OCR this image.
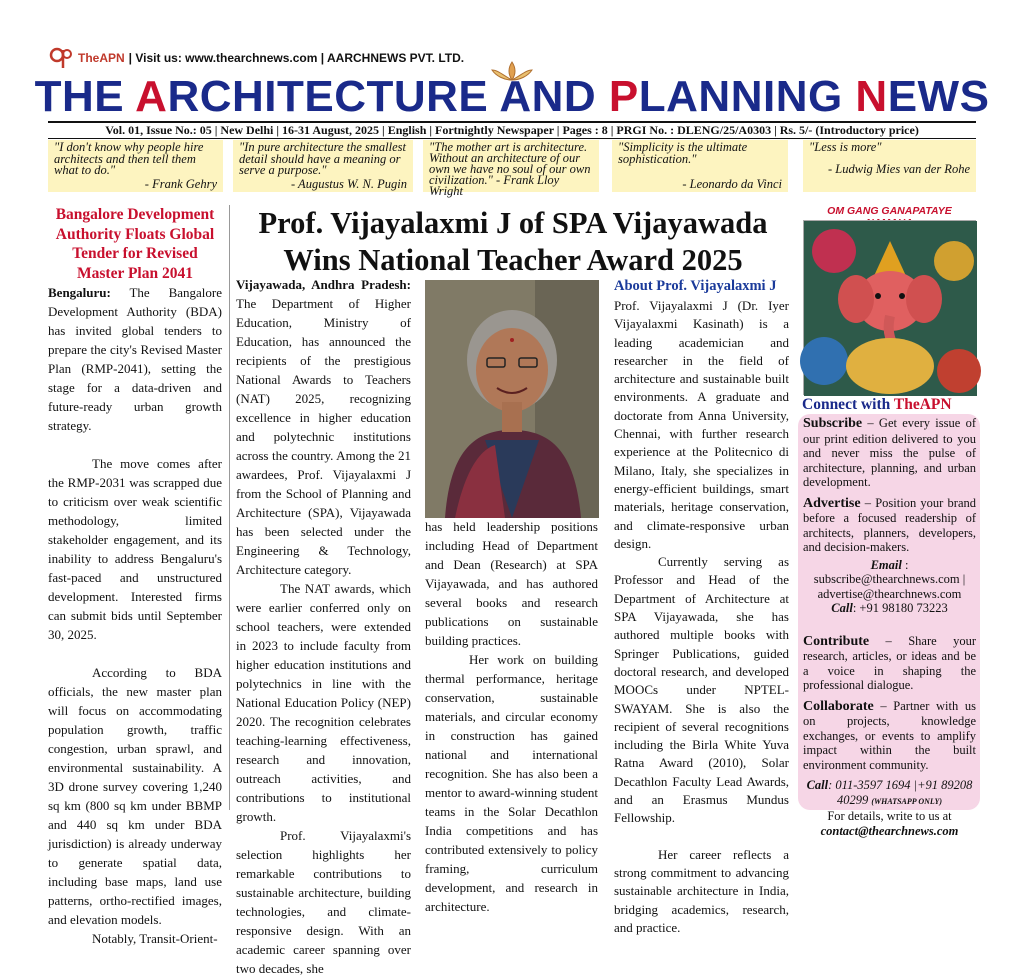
TheAPN | Visit us: www.thearchnews.com | AARCHNEWS PVT. LTD.
THE ARCHITECTURE AND PLANNING NEWS
Vol. 01, Issue No.: 05 | New Delhi | 16-31 August, 2025 | English | Fortnightly Newspaper | Pages : 8 | PRGI No. : DLENG/25/A0303 | Rs. 5/- (Introductory price)
"I don't know why people hire architects and then tell them what to do."
- Frank Gehry
"In pure architecture the smallest detail should have a meaning or serve a purpose."
- Augustus W. N. Pugin
"The mother art is architecture. Without an architecture of our own we have no soul of our own civilization." - Frank Lloy Wright
"Simplicity is the ultimate sophistication."
- Leonardo da Vinci
"Less is more"
- Ludwig Mies van der Rohe
Bangalore Development Authority Floats Global Tender for Revised Master Plan 2041

Bengaluru: The Bangalore Development Authority (BDA) has invited global tenders to prepare the city's Revised Master Plan (RMP-2041), setting the stage for a data-driven and future-ready urban growth strategy.

The move comes after the RMP-2031 was scrapped due to criticism over weak scientific methodology, limited stakeholder engagement, and its inability to address Bengaluru's fast-paced and unstructured development. Interested firms can submit bids until September 30, 2025.

According to BDA officials, the new master plan will focus on accommodating population growth, traffic congestion, urban sprawl, and environmental sustainability. A 3D drone survey covering 1,240 sq km (800 sq km under BBMP and 440 sq km under BDA jurisdiction) is already underway to generate spatial data, including base maps, land use patterns, ortho-rectified images, and elevation models.

Notably, Transit-Orient-

Prof. Vijayalaxmi J of SPA Vijayawada Wins National Teacher Award 2025

Vijayawada, Andhra Pradesh: The Department of Higher Education, Ministry of Education, has announced the recipients of the prestigious National Awards to Teachers (NAT) 2025, recognizing excellence in higher education and polytechnic institutions across the country. Among the 21 awardees, Prof. Vijayalaxmi J from the School of Planning and Architecture (SPA), Vijayawada has been selected under the Engineering & Technology, Architecture category.

The NAT awards, which were earlier conferred only on school teachers, were extended in 2023 to include faculty from higher education institutions and polytechnics in line with the National Education Policy (NEP) 2020. The recognition celebrates teaching-learning effectiveness, research and innovation, outreach activities, and contributions to institutional growth.

Prof. Vijayalaxmi's selection highlights her remarkable contributions to sustainable architecture, building technologies, and climate-responsive design. With an academic career spanning over two decades, she

has held leadership positions including Head of Department and Dean (Research) at SPA Vijayawada, and has authored several books and research publications on sustainable building practices.

Her work on building thermal performance, heritage conservation, sustainable materials, and circular economy in construction has gained national and international recognition. She has also been a mentor to award-winning student teams in the Solar Decathlon India competitions and has contributed extensively to policy framing, curriculum development, and research in architecture.

About Prof. Vijayalaxmi J

Prof. Vijayalaxmi J (Dr. Iyer Vijayalaxmi Kasinath) is a leading academician and researcher in the field of architecture and sustainable built environments. A graduate and doctorate from Anna University, Chennai, with further research experience at the Politecnico di Milano, Italy, she specializes in energy-efficient buildings, smart materials, heritage conservation, and climate-responsive urban design.

Currently serving as Professor and Head of the Department of Architecture at SPA Vijayawada, she has authored multiple books with Springer Publications, guided doctoral research, and developed MOOCs under NPTEL-SWAYAM. She is also the recipient of several recognitions including the Birla White Yuva Ratna Award (2010), Solar Decathlon Faculty Lead Awards, and an Erasmus Mundus Fellowship.

Her career reflects a strong commitment to advancing sustainable architecture in India, bridging academics, research, and practice.

OM GANG GANAPATAYE
Connect with TheAPN
Subscribe – Get every issue of our print edition delivered to you and never miss the pulse of architecture, planning, and urban development.
Advertise – Position your brand before a focused readership of architects, planners, developers, and decision-makers.
Email : subscribe@thearchnews.com | advertise@thearchnews.com
Call: +91 98180 73223
Contribute – Share your research, articles, or ideas and be a voice in shaping the professional dialogue.
Collaborate – Partner with us on projects, knowledge exchanges, or events to amplify impact within the built environment community.
Call: 011-3597 1694 |+91 89208 40299 (WHATSAPP ONLY)
For details, write to us at contact@thearchnews.com
